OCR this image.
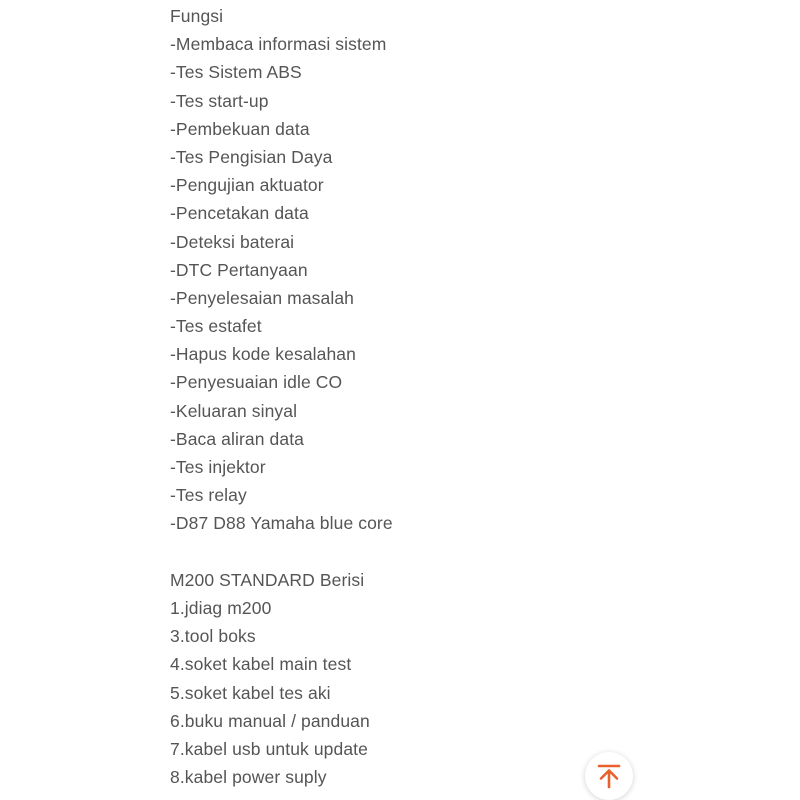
Fungsi
-Membaca informasi sistem
-Tes Sistem ABS
-Tes start-up
-Pembekuan data
-Tes Pengisian Daya
-Pengujian aktuator
-Pencetakan data
-Deteksi baterai
-DTC Pertanyaan
-Penyelesaian masalah
-Tes estafet
-Hapus kode kesalahan
-Penyesuaian idle CO
-Keluaran sinyal
-Baca aliran data
-Tes injektor
-Tes relay
-D87 D88 Yamaha blue core
M200 STANDARD Berisi
1.jdiag m200
3.tool boks
4.soket kabel main test
5.soket kabel tes aki
6.buku manual / panduan
7.kabel usb untuk update
8.kabel power suply
